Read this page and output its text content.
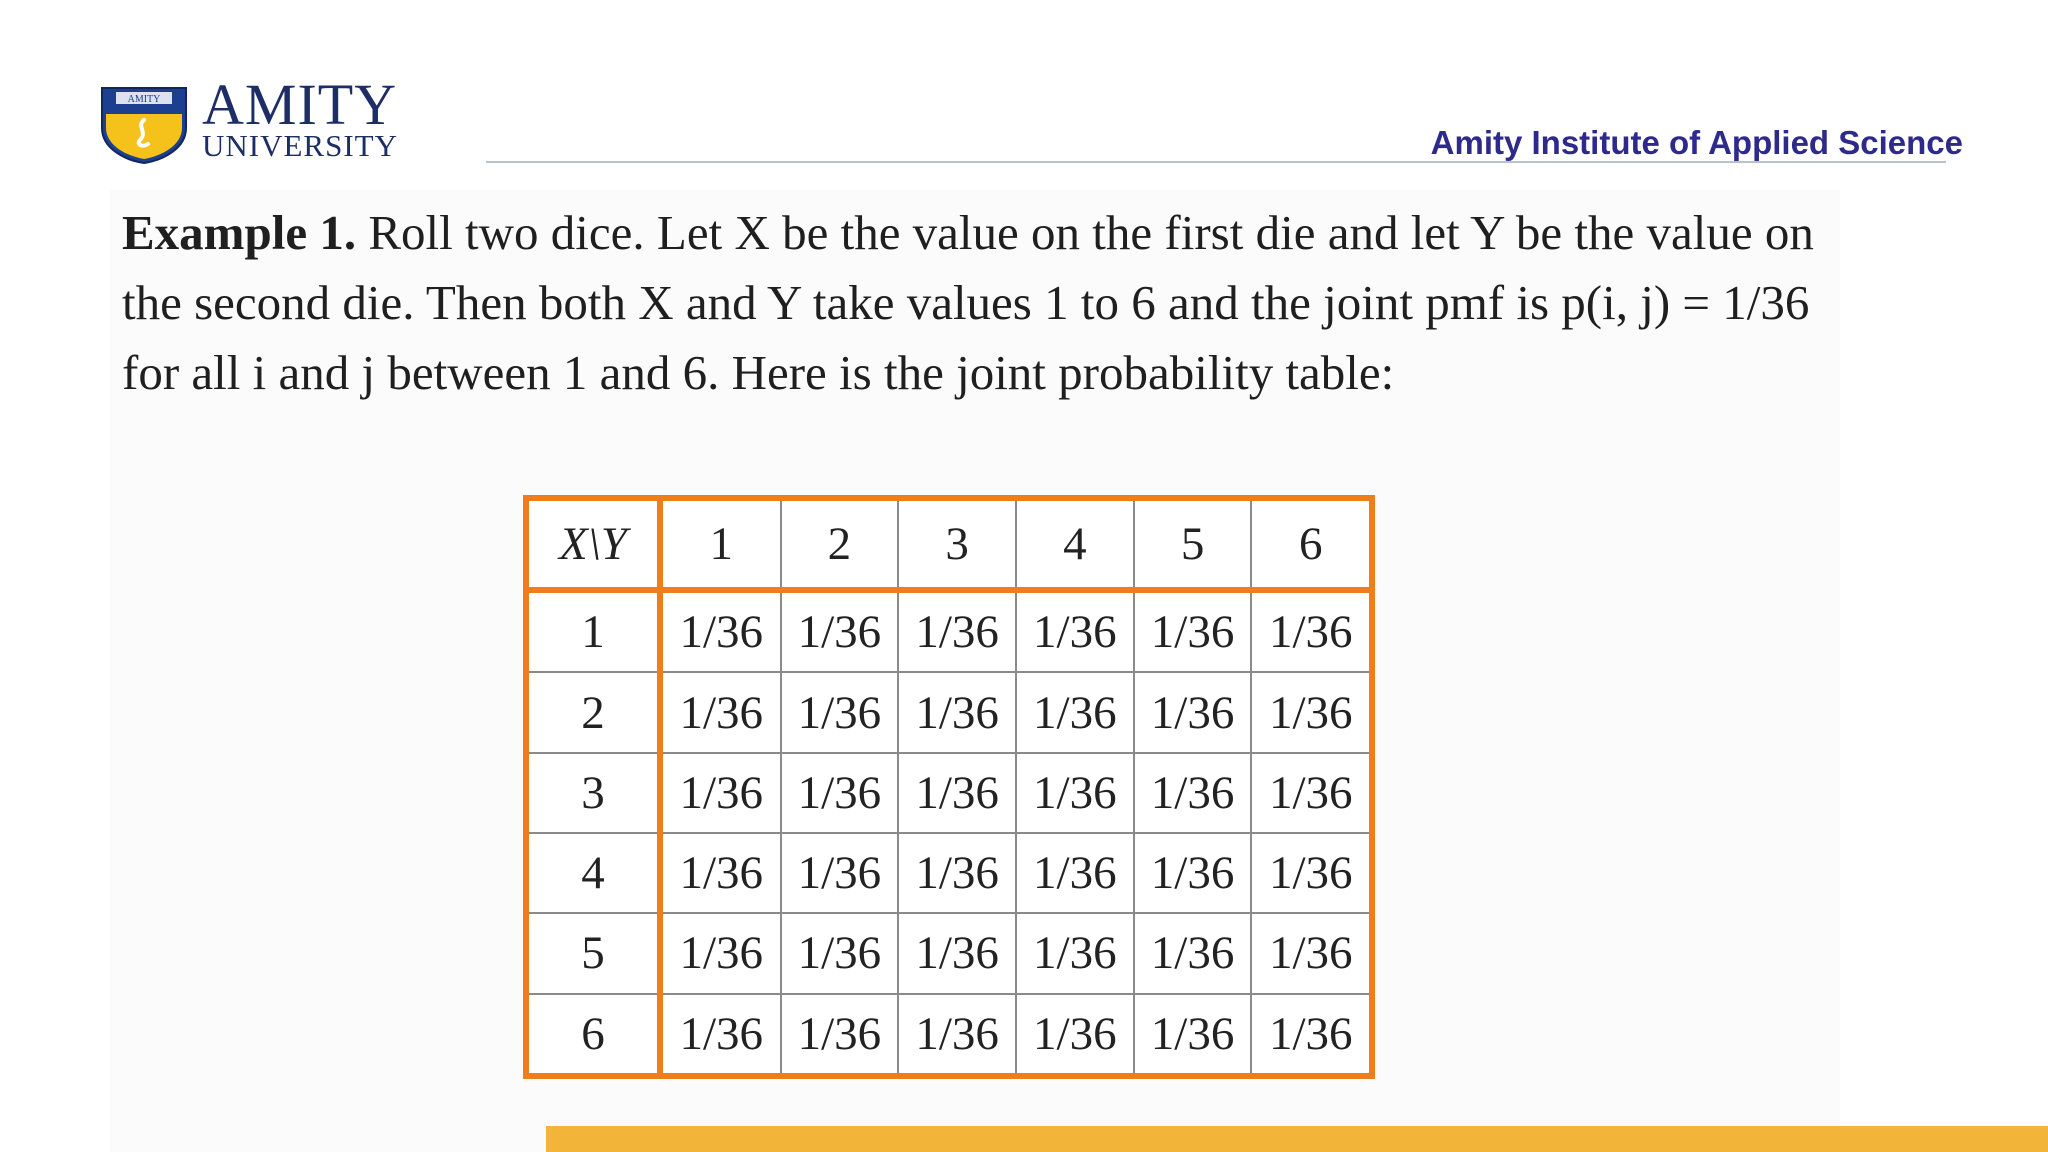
AMITY AMITY
UNIVERSITY	Amity Institute of Applied Science

Example 1. Roll two dice. Let X be the value on the first die and let Y be the value on

the second die. Then both X and Y take values 1 to 6 and the joint pmf is p(i, j) = 1/36

for all i and j between 1 and 6. Here is the joint probability table:

X\Y	1	2	3	4	5	6
1	1/36	1/36	1/36	1/36	1/36	1/36
2	1/36	1/36	1/36	1/36	1/36	1/36
3	1/36	1/36	1/36	1/36	1/36	1/36
4	1/36	1/36	1/36	1/36	1/36	1/36
5	1/36	1/36	1/36	1/36	1/36	1/36
6	1/36	1/36	1/36	1/36	1/36	1/36
